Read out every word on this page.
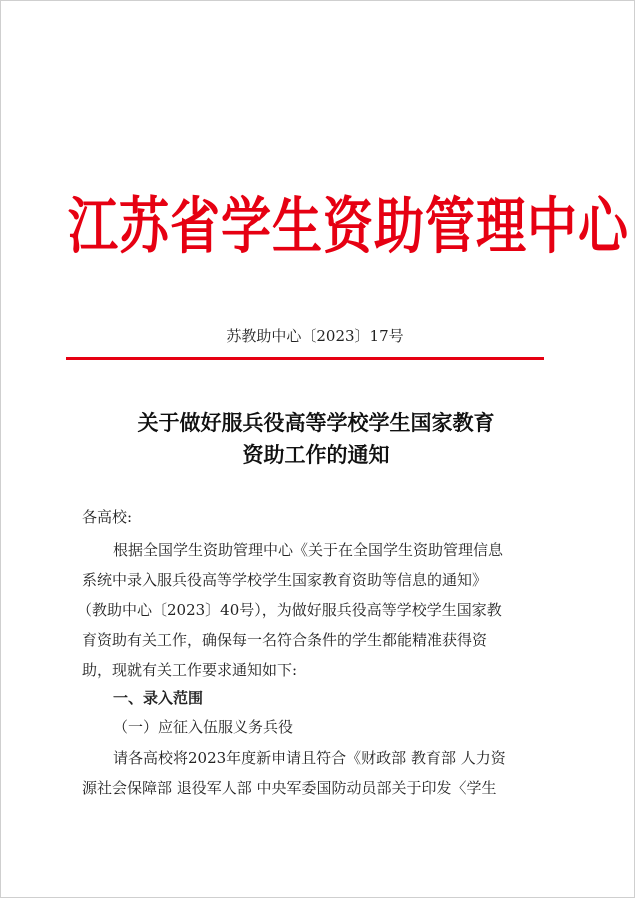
江苏省学生资助管理中心
苏教助中心〔2023〕17号
关于做好服兵役高等学校学生国家教育
资助工作的通知
各高校:
根据全国学生资助管理中心《关于在全国学生资助管理信息
系统中录入服兵役高等学校学生国家教育资助等信息的通知》
（教助中心〔2023〕40号），为做好服兵役高等学校学生国家教
育资助有关工作，确保每一名符合条件的学生都能精准获得资
助，现就有关工作要求通知如下:
一、录入范围
（一）应征入伍服义务兵役
请各高校将2023年度新申请且符合《财政部 教育部 人力资
源社会保障部 退役军人部 中央军委国防动员部关于印发〈学生
